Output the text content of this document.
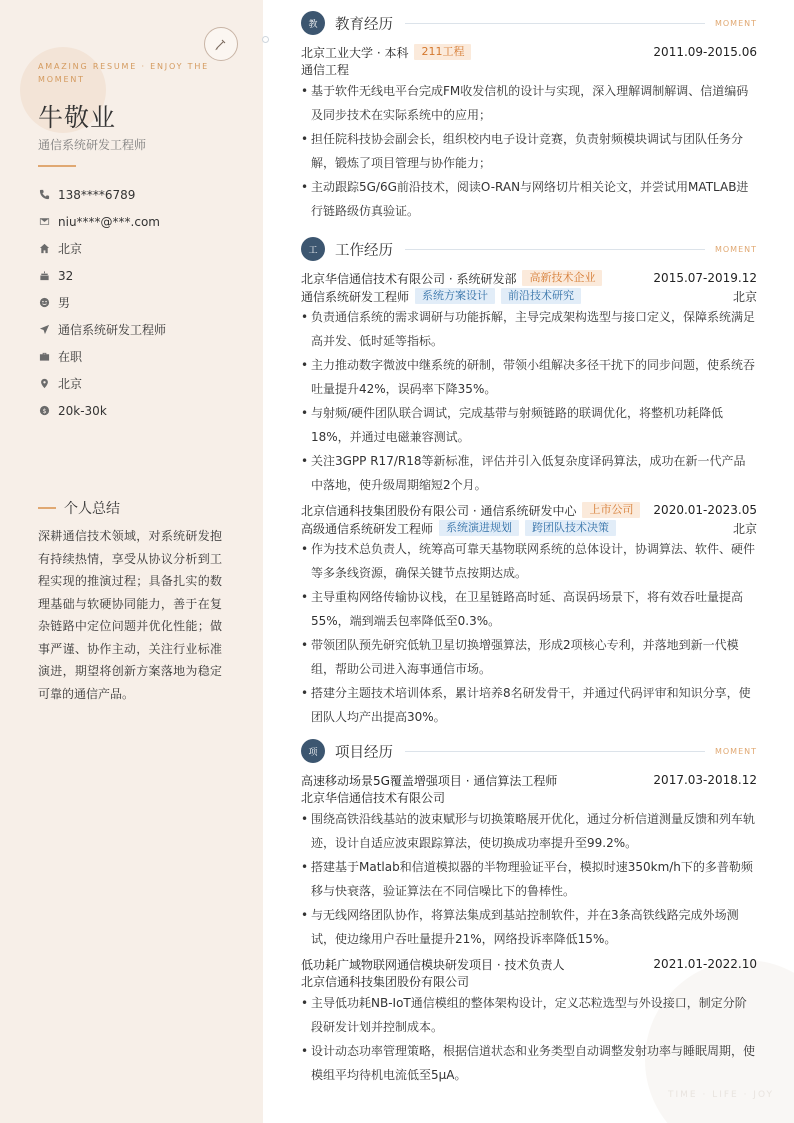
AMAZING RESUME · ENJOY THE MOMENT
牛敬业
通信系统研发工程师
138****6789
niu****@***.com
北京
32
男
通信系统研发工程师
在职
北京
$ 20k-30k
个人总结
深耕通信技术领域，对系统研发抱有持续热情，享受从协议分析到工程实现的推演过程；具备扎实的数理基础与软硬协同能力，善于在复杂链路中定位问题并优化性能；做事严谨、协作主动，关注行业标准演进，期望将创新方案落地为稳定可靠的通信产品。
TIME · LIFE · JOY
教	教育经历	MOMENT
北京工业大学 · 本科	211工程	2011.09-2015.06
通信工程
• 基于软件无线电平台完成FM收发信机的设计与实现，深入理解调制解调、信道编码及同步技术在实际系统中的应用；
• 担任院科技协会副会长，组织校内电子设计竞赛，负责射频模块调试与团队任务分解，锻炼了项目管理与协作能力；
• 主动跟踪5G/6G前沿技术，阅读O-RAN与网络切片相关论文，并尝试用MATLAB进行链路级仿真验证。
工	工作经历	MOMENT
北京华信通信技术有限公司 · 系统研发部	高新技术企业	2015.07-2019.12
通信系统研发工程师	系统方案设计	前沿技术研究	北京
• 负责通信系统的需求调研与功能拆解，主导完成架构选型与接口定义，保障系统满足高并发、低时延等指标。
• 主力推动数字微波中继系统的研制，带领小组解决多径干扰下的同步问题，使系统吞吐量提升42%，误码率下降35%。
• 与射频/硬件团队联合调试，完成基带与射频链路的联调优化，将整机功耗降低18%，并通过电磁兼容测试。
• 关注3GPP R17/R18等新标准，评估并引入低复杂度译码算法，成功在新一代产品中落地，使升级周期缩短2个月。
北京信通科技集团股份有限公司 · 通信系统研发中心	上市公司	2020.01-2023.05
高级通信系统研发工程师	系统演进规划	跨团队技术决策	北京
• 作为技术总负责人，统筹高可靠天基物联网系统的总体设计，协调算法、软件、硬件等多条线资源，确保关键节点按期达成。
• 主导重构网络传输协议栈，在卫星链路高时延、高误码场景下，将有效吞吐量提高55%，端到端丢包率降低至0.3%。
• 带领团队预先研究低轨卫星切换增强算法，形成2项核心专利，并落地到新一代模组，帮助公司进入海事通信市场。
• 搭建分主题技术培训体系，累计培养8名研发骨干，并通过代码评审和知识分享，使团队人均产出提高30%。
项	项目经历	MOMENT
高速移动场景5G覆盖增强项目 · 通信算法工程师	2017.03-2018.12
北京华信通信技术有限公司
• 围绕高铁沿线基站的波束赋形与切换策略展开优化，通过分析信道测量反馈和列车轨迹，设计自适应波束跟踪算法，使切换成功率提升至99.2%。
• 搭建基于Matlab和信道模拟器的半物理验证平台，模拟时速350km/h下的多普勒频移与快衰落，验证算法在不同信噪比下的鲁棒性。
• 与无线网络团队协作，将算法集成到基站控制软件，并在3条高铁线路完成外场测试，使边缘用户吞吐量提升21%，网络投诉率降低15%。
低功耗广域物联网通信模块研发项目 · 技术负责人	2021.01-2022.10
北京信通科技集团股份有限公司
• 主导低功耗NB-IoT通信模组的整体架构设计，定义芯粒选型与外设接口，制定分阶段研发计划并控制成本。
• 设计动态功率管理策略，根据信道状态和业务类型自动调整发射功率与睡眠周期，使模组平均待机电流低至5μA。
